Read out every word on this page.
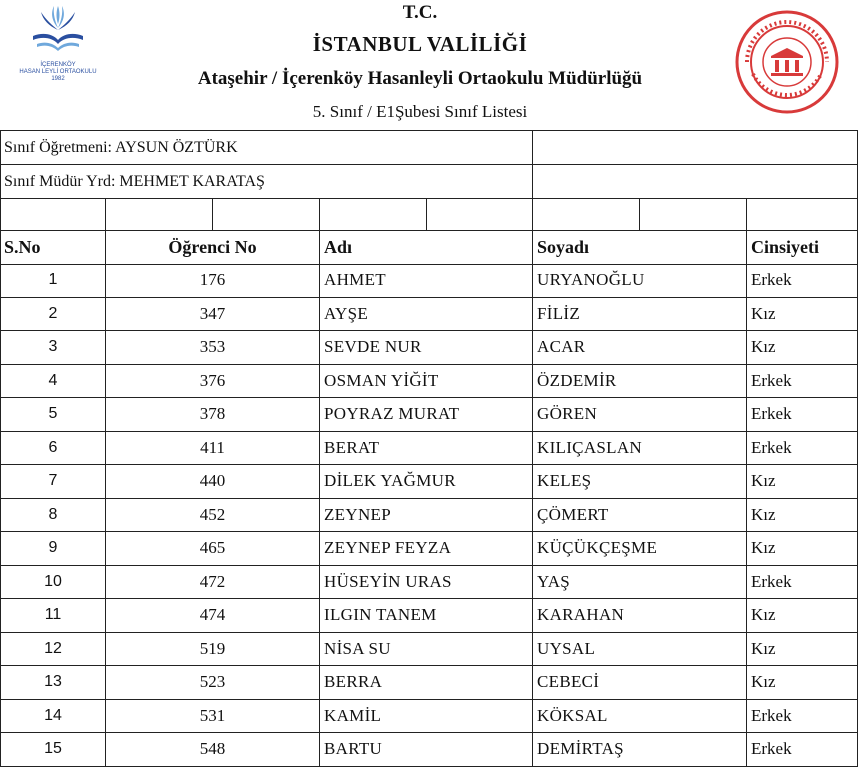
İÇERENKÖY
HASAN LEYLİ ORTAOKULU
1982
T.C.
İSTANBUL VALİLİĞİ
Ataşehir / İçerenköy Hasanleyli Ortaokulu Müdürlüğü
5. Sınıf / E1Şubesi Sınıf Listesi
Sınıf Öğretmeni: AYSUN ÖZTÜRK
Sınıf Müdür Yrd: MEHMET KARATAŞ
S.No	Öğrenci No	Adı	Soyadı	Cinsiyeti
1	176	AHMET	URYANOĞLU	Erkek
2	347	AYŞE	FİLİZ	Kız
3	353	SEVDE NUR	ACAR	Kız
4	376	OSMAN YİĞİT	ÖZDEMİR	Erkek
5	378	POYRAZ MURAT	GÖREN	Erkek
6	411	BERAT	KILIÇASLAN	Erkek
7	440	DİLEK YAĞMUR	KELEŞ	Kız
8	452	ZEYNEP	ÇÖMERT	Kız
9	465	ZEYNEP FEYZA	KÜÇÜKÇEŞME	Kız
10	472	HÜSEYİN URAS	YAŞ	Erkek
11	474	ILGIN TANEM	KARAHAN	Kız
12	519	NİSA SU	UYSAL	Kız
13	523	BERRA	CEBECİ	Kız
14	531	KAMİL	KÖKSAL	Erkek
15	548	BARTU	DEMİRTAŞ	Erkek
